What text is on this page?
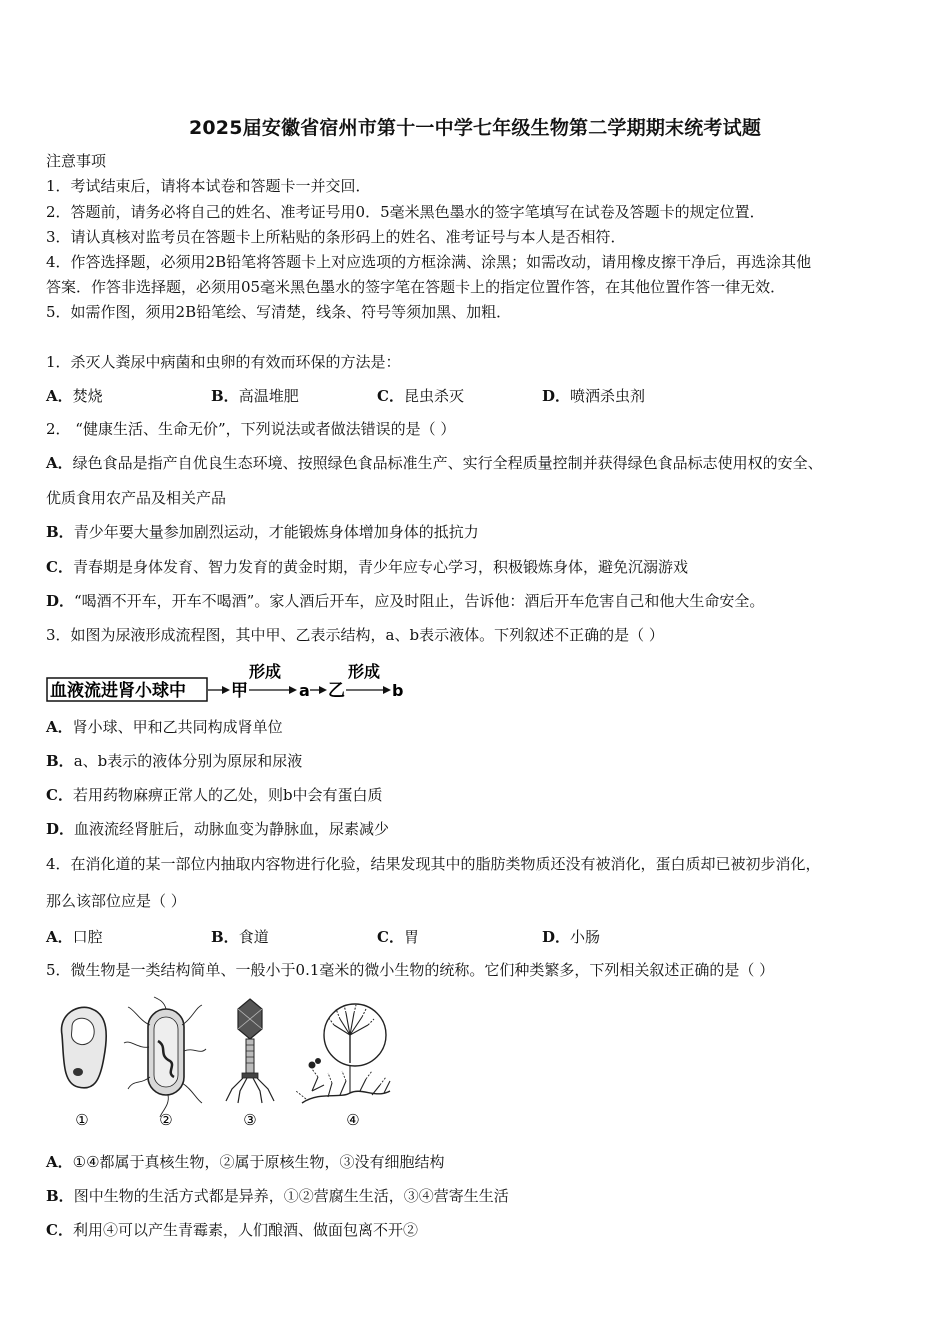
2025届安徽省宿州市第十一中学七年级生物第二学期期末统考试题
注意事项
1．考试结束后，请将本试卷和答题卡一并交回．
2．答题前，请务必将自己的姓名、准考证号用0．5毫米黑色墨水的签字笔填写在试卷及答题卡的规定位置．
3．请认真核对监考员在答题卡上所粘贴的条形码上的姓名、准考证号与本人是否相符．
4．作答选择题，必须用2B铅笔将答题卡上对应选项的方框涂满、涂黑；如需改动，请用橡皮擦干净后，再选涂其他
答案．作答非选择题，必须用05毫米黑色墨水的签字笔在答题卡上的指定位置作答，在其他位置作答一律无效．
5．如需作图，须用2B铅笔绘、写清楚，线条、符号等须加黑、加粗．
1．杀灭人粪尿中病菌和虫卵的有效而环保的方法是：
A．焚烧	B．高温堆肥	C．昆虫杀灭	D．喷洒杀虫剂
2． “健康生活、生命无价”，下列说法或者做法错误的是（ ）
A．绿色食品是指产自优良生态环境、按照绿色食品标准生产、实行全程质量控制并获得绿色食品标志使用权的安全、
优质食用农产品及相关产品
B．青少年要大量参加剧烈运动，才能锻炼身体增加身体的抵抗力
C．青春期是身体发育、智力发育的黄金时期，青少年应专心学习，积极锻炼身体，避免沉溺游戏
D．“喝酒不开车，开车不喝酒”。家人酒后开车，应及时阻止，告诉他：酒后开车危害自己和他大生命安全。
3．如图为尿液形成流程图，其中甲、乙表示结构，a、b表示液体。下列叙述不正确的是（ ）
血液流进肾小球中	甲
形成
a 乙
形成
b
A．肾小球、甲和乙共同构成肾单位
B．a、b表示的液体分别为原尿和尿液
C．若用药物麻痹正常人的乙处，则b中会有蛋白质
D．血液流经肾脏后，动脉血变为静脉血，尿素减少
4．在消化道的某一部位内抽取内容物进行化验，结果发现其中的脂肪类物质还没有被消化，蛋白质却已被初步消化，
那么该部位应是（ ）
A．口腔	B．食道	C．胃	D．小肠
5．微生物是一类结构简单、一般小于0.1毫米的微小生物的统称。它们种类繁多，下列相关叙述正确的是（ ）
①	②	③	④
A．①④都属于真核生物，②属于原核生物，③没有细胞结构
B．图中生物的生活方式都是异养，①②营腐生生活，③④营寄生生活
C．利用④可以产生青霉素，人们酿酒、做面包离不开②
